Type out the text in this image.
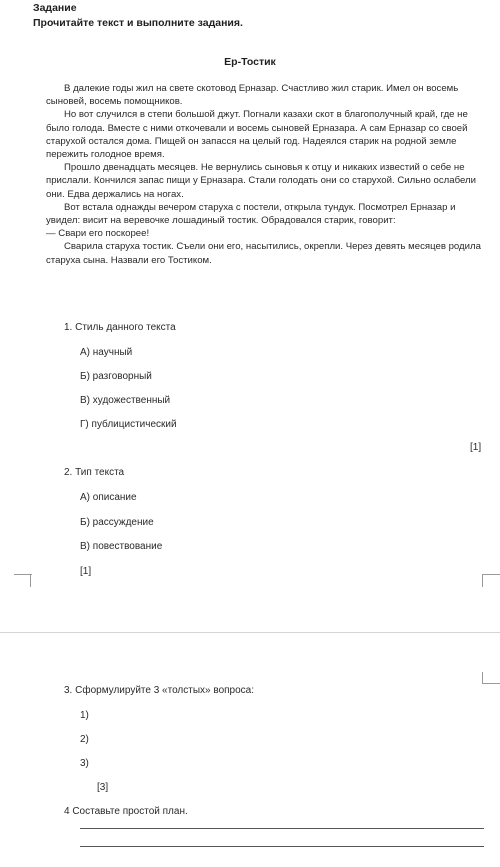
Задание
Прочитайте текст и выполните задания.
Ер-Тостик

В далекие годы жил на свете скотовод Ерназар. Счастливо жил старик. Имел он восемь сыновей, восемь помощников.

Но вот случился в степи большой джут. Погнали казахи скот в благополучный край, где не было голода. Вместе с ними откочевали и восемь сыновей Ерназара. А сам Ерназар со своей старухой остался дома. Пищей он запасся на целый год. Надеялся старик на родной земле пережить голодное время.

Прошло двенадцать месяцев. Не вернулись сыновья к отцу и никаких известий о себе не прислали. Кончился запас пищи у Ерназара. Стали голодать они со старухой. Сильно ослабели они. Едва держались на ногах.

Вот встала однажды вечером старуха с постели, открыла тундук. Посмотрел Ерназар и увидел: висит на веревочке лошадиный тостик. Обрадовался старик, говорит:

— Свари его поскорее!

Сварила старуха тостик. Съели они его, насытились, окрепли. Через девять месяцев родила старуха сына. Назвали его Тостиком.

1. Стиль данного текста
А) научный
Б) разговорный
В) художественный
Г) публицистический
[1]
2. Тип текста
А) описание
Б) рассуждение
В) повествование
[1]
3. Сформулируйте 3 «толстых» вопроса:
1)
2)
3)
[3]
4 Составьте простой план.
